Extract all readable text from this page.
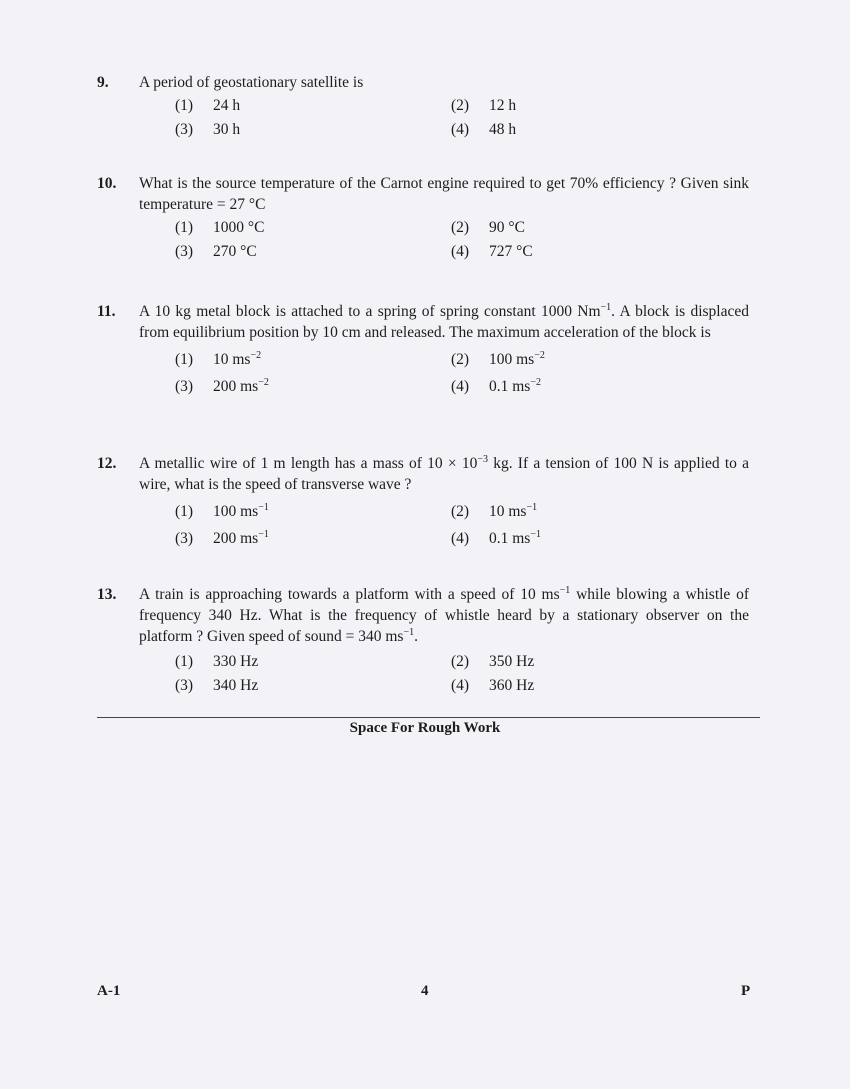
9. A period of geostationary satellite is
(1)	24 h	(2)	12 h
(3)	30 h	(4)	48 h
10. What is the source temperature of the Carnot engine required to get 70% efficiency ? Given sink temperature = 27 °C
(1)	1000 °C	(2)	90 °C
(3)	270 °C	(4)	727 °C
11. A 10 kg metal block is attached to a spring of spring constant 1000 $Nm^{-1}$. A block is displaced from equilibrium position by 10 cm and released. The maximum acceleration of the block is
(1)	10 $ms^{-2}$	(2)	100 $ms^{-2}$
(3)	200 $ms^{-2}$	(4)	0.1 $ms^{-2}$
12. A metallic wire of 1 m length has a mass of $10 \times 10^{-3}$ kg. If a tension of 100 N is applied to a wire, what is the speed of transverse wave ?
(1)	100 $ms^{-1}$	(2)	10 $ms^{-1}$
(3)	200 $ms^{-1}$	(4)	0.1 $ms^{-1}$
13. A train is approaching towards a platform with a speed of 10 $ms^{-1}$ while blowing a whistle of frequency 340 Hz. What is the frequency of whistle heard by a stationary observer on the platform ? Given speed of sound = 340 $ms^{-1}$.
(1)	330 Hz	(2)	350 Hz
(3)	340 Hz	(4)	360 Hz
Space For Rough Work
A-1	4	P
